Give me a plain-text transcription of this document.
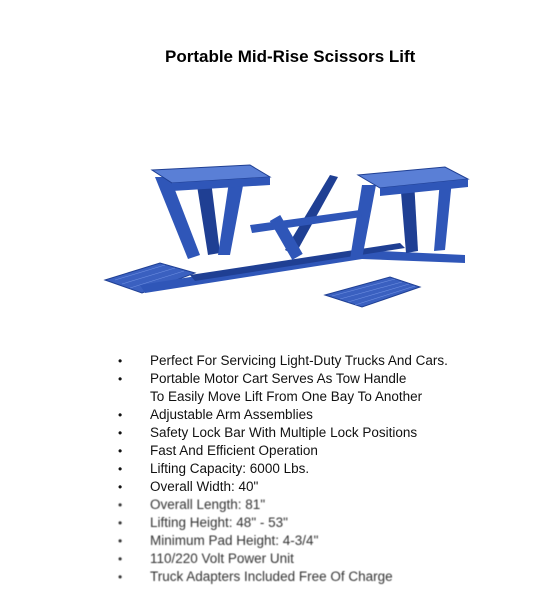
Portable Mid-Rise Scissors Lift
• Perfect For Servicing Light-Duty Trucks And Cars.
• Portable Motor Cart Serves As Tow Handle
To Easily Move Lift From One Bay To Another
• Adjustable Arm Assemblies
• Safety Lock Bar With Multiple Lock Positions
• Fast And Efficient Operation
• Lifting Capacity: 6000 Lbs.
• Overall Width: 40"
• Overall Length: 81"
• Lifting Height: 48" - 53"
• Minimum Pad Height: 4-3/4"
• 110/220 Volt Power Unit
• Truck Adapters Included Free Of Charge
